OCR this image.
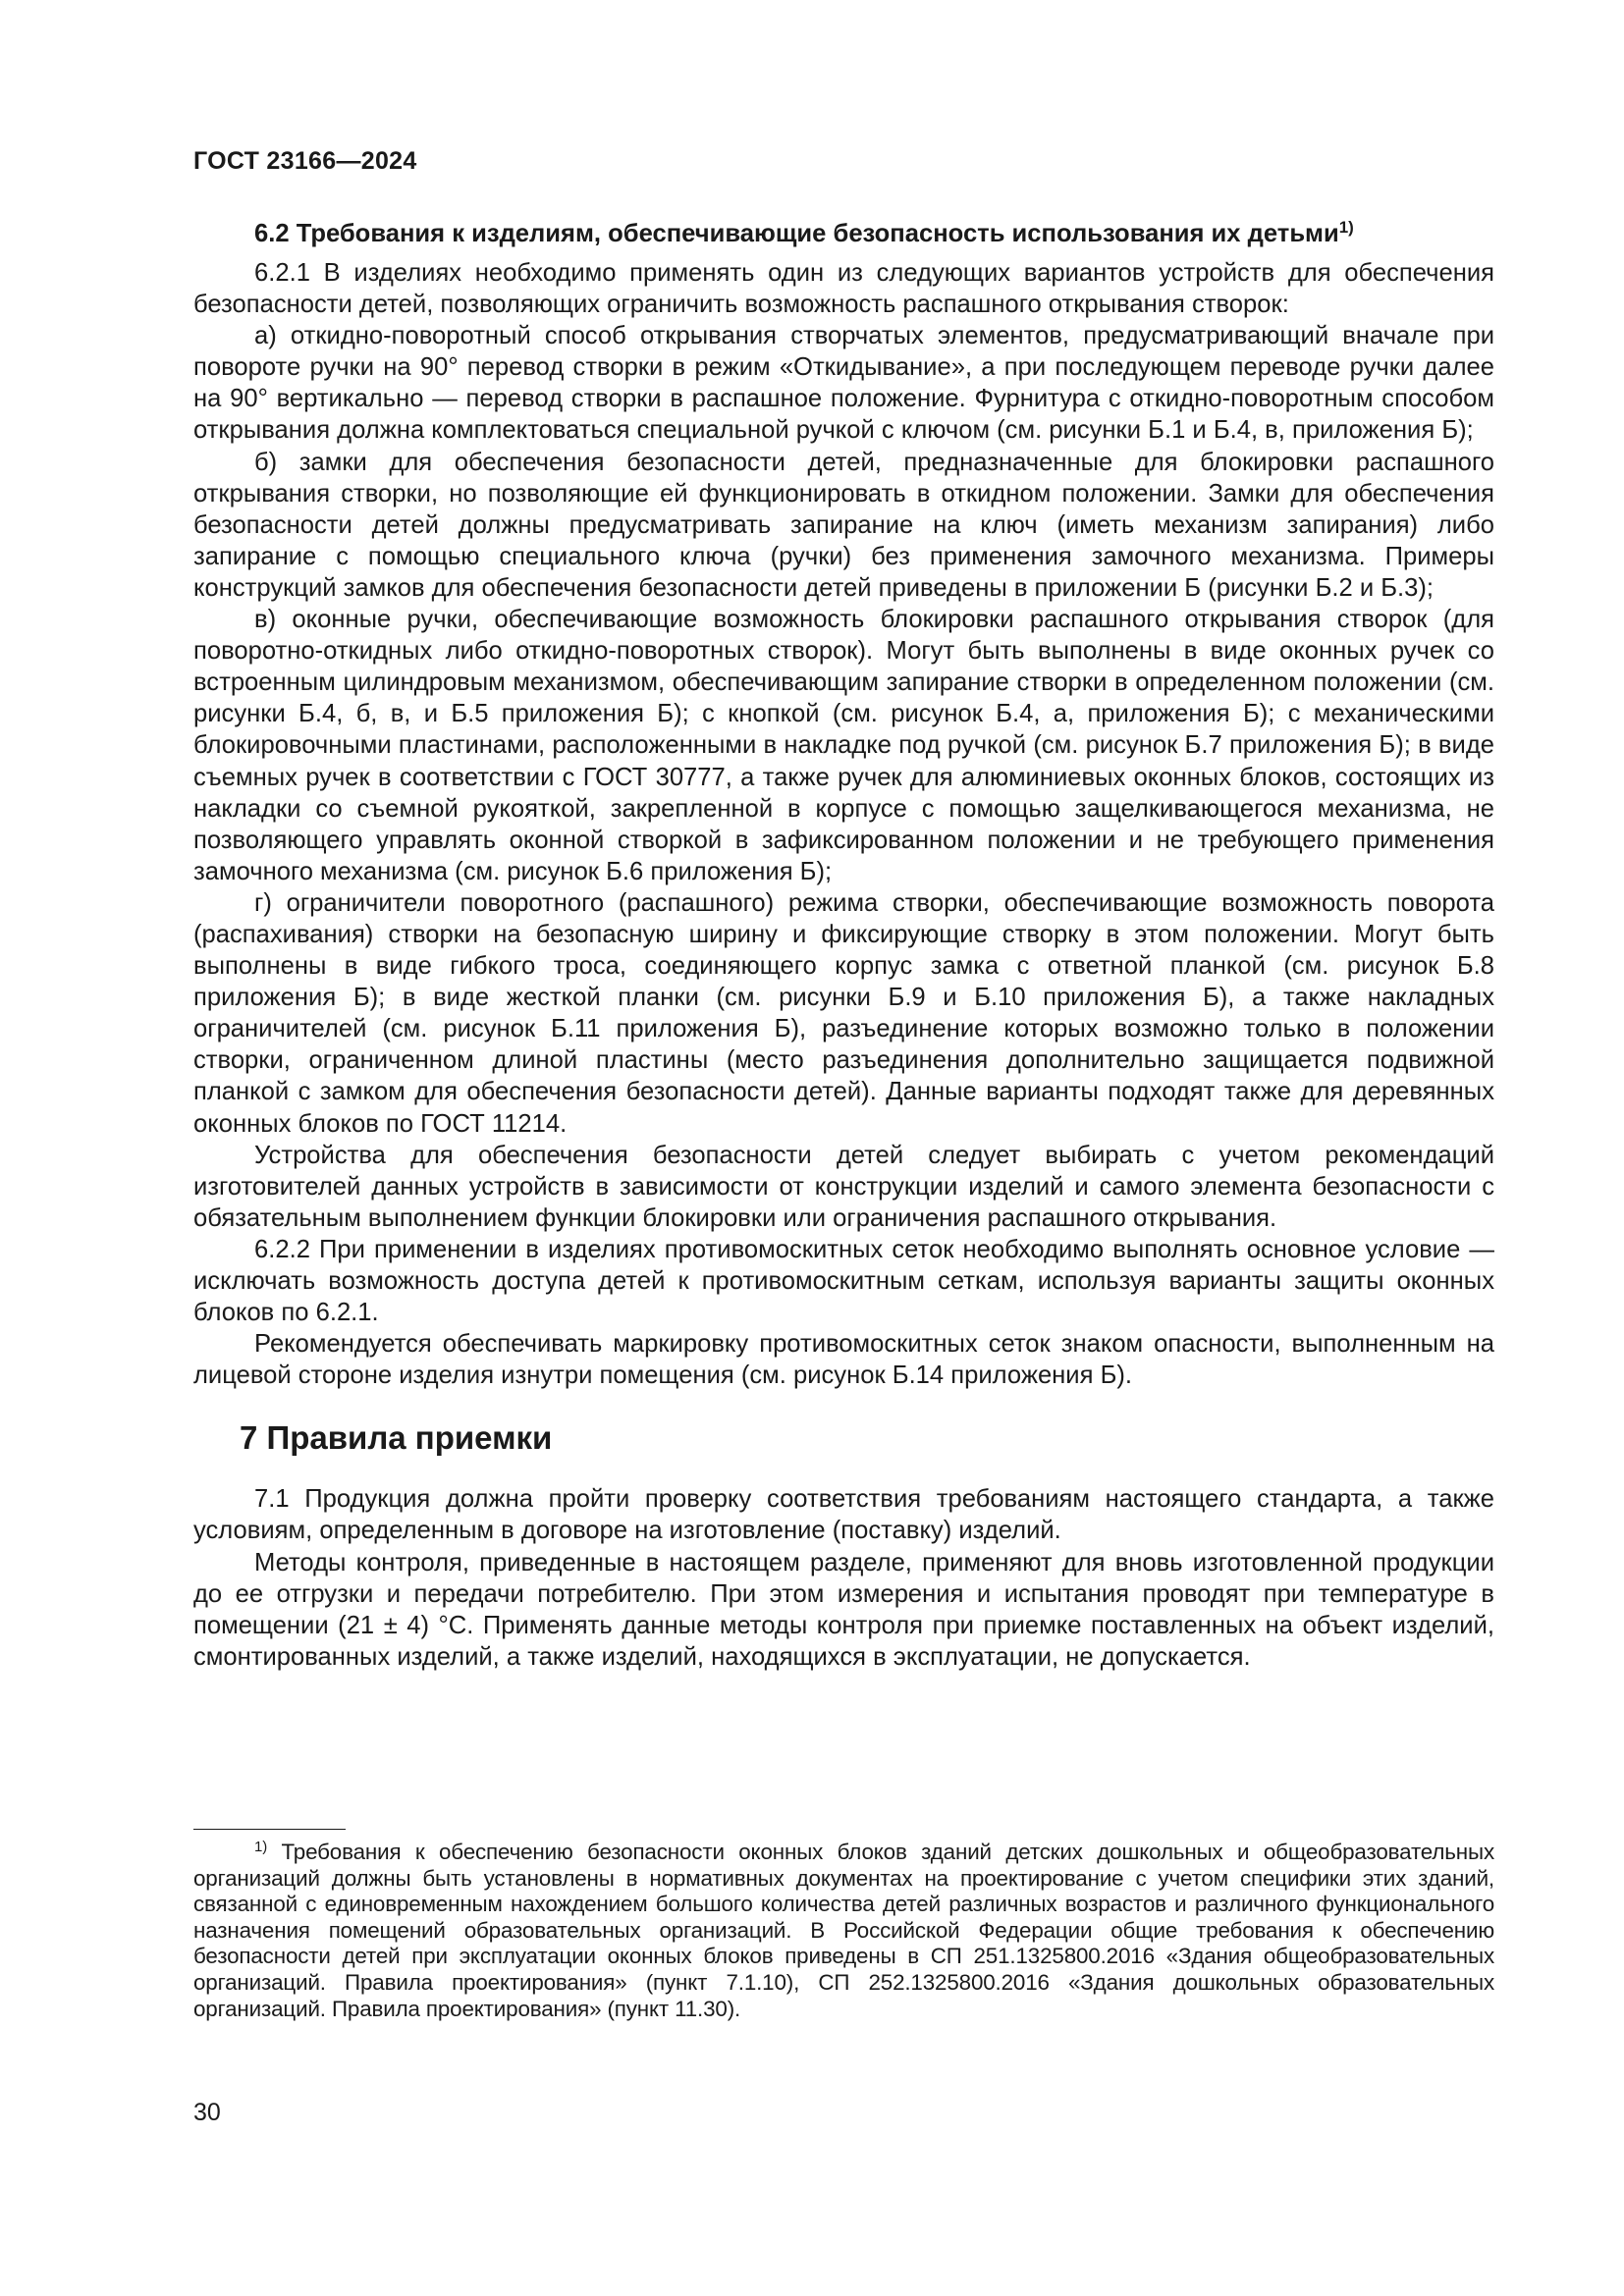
ГОСТ 23166—2024
6.2 Требования к изделиям, обеспечивающие безопасность использования их детьми$^{1)}$

6.2.1 В изделиях необходимо применять один из следующих вариантов устройств для обеспечения безопасности детей, позволяющих ограничить возможность распашного открывания створок:

а) откидно-поворотный способ открывания створчатых элементов, предусматривающий вначале при повороте ручки на 90° перевод створки в режим «Откидывание», а при последующем переводе ручки далее на 90° вертикально — перевод створки в распашное положение. Фурнитура с откидно-поворотным способом открывания должна комплектоваться специальной ручкой с ключом (см. рисунки Б.1 и Б.4, в, приложения Б);

б) замки для обеспечения безопасности детей, предназначенные для блокировки распашного открывания створки, но позволяющие ей функционировать в откидном положении. Замки для обеспечения безопасности детей должны предусматривать запирание на ключ (иметь механизм запирания) либо запирание с помощью специального ключа (ручки) без применения замочного механизма. Примеры конструкций замков для обеспечения безопасности детей приведены в приложении Б (рисунки Б.2 и Б.3);

в) оконные ручки, обеспечивающие возможность блокировки распашного открывания створок (для поворотно-откидных либо откидно-поворотных створок). Могут быть выполнены в виде оконных ручек со встроенным цилиндровым механизмом, обеспечивающим запирание створки в определенном положении (см. рисунки Б.4, б, в, и Б.5 приложения Б); с кнопкой (см. рисунок Б.4, а, приложения Б); с механическими блокировочными пластинами, расположенными в накладке под ручкой (см. рисунок Б.7 приложения Б); в виде съемных ручек в соответствии с ГОСТ 30777, а также ручек для алюминиевых оконных блоков, состоящих из накладки со съемной рукояткой, закрепленной в корпусе с помощью защелкивающегося механизма, не позволяющего управлять оконной створкой в зафиксированном положении и не требующего применения замочного механизма (см. рисунок Б.6 приложения Б);

г) ограничители поворотного (распашного) режима створки, обеспечивающие возможность поворота (распахивания) створки на безопасную ширину и фиксирующие створку в этом положении. Могут быть выполнены в виде гибкого троса, соединяющего корпус замка с ответной планкой (см. рисунок Б.8 приложения Б); в виде жесткой планки (см. рисунки Б.9 и Б.10 приложения Б), а также накладных ограничителей (см. рисунок Б.11 приложения Б), разъединение которых возможно только в положении створки, ограниченном длиной пластины (место разъединения дополнительно защищается подвижной планкой с замком для обеспечения безопасности детей). Данные варианты подходят также для деревянных оконных блоков по ГОСТ 11214.

Устройства для обеспечения безопасности детей следует выбирать с учетом рекомендаций изготовителей данных устройств в зависимости от конструкции изделий и самого элемента безопасности с обязательным выполнением функции блокировки или ограничения распашного открывания.

6.2.2 При применении в изделиях противомоскитных сеток необходимо выполнять основное условие — исключать возможность доступа детей к противомоскитным сеткам, используя варианты защиты оконных блоков по 6.2.1.

Рекомендуется обеспечивать маркировку противомоскитных сеток знаком опасности, выполненным на лицевой стороне изделия изнутри помещения (см. рисунок Б.14 приложения Б).

7 Правила приемки

7.1 Продукция должна пройти проверку соответствия требованиям настоящего стандарта, а также условиям, определенным в договоре на изготовление (поставку) изделий.

Методы контроля, приведенные в настоящем разделе, применяют для вновь изготовленной продукции до ее отгрузки и передачи потребителю. При этом измерения и испытания проводят при температуре в помещении (21 ± 4) °С. Применять данные методы контроля при приемке поставленных на объект изделий, смонтированных изделий, а также изделий, находящихся в эксплуатации, не допускается.

$^{1)}$ Требования к обеспечению безопасности оконных блоков зданий детских дошкольных и общеобразовательных организаций должны быть установлены в нормативных документах на проектирование с учетом специфики этих зданий, связанной с единовременным нахождением большого количества детей различных возрастов и различного функционального назначения помещений образовательных организаций. В Российской Федерации общие требования к обеспечению безопасности детей при эксплуатации оконных блоков приведены в СП 251.1325800.2016 «Здания общеобразовательных организаций. Правила проектирования» (пункт 7.1.10), СП 252.1325800.2016 «Здания дошкольных образовательных организаций. Правила проектирования» (пункт 11.30).
30
